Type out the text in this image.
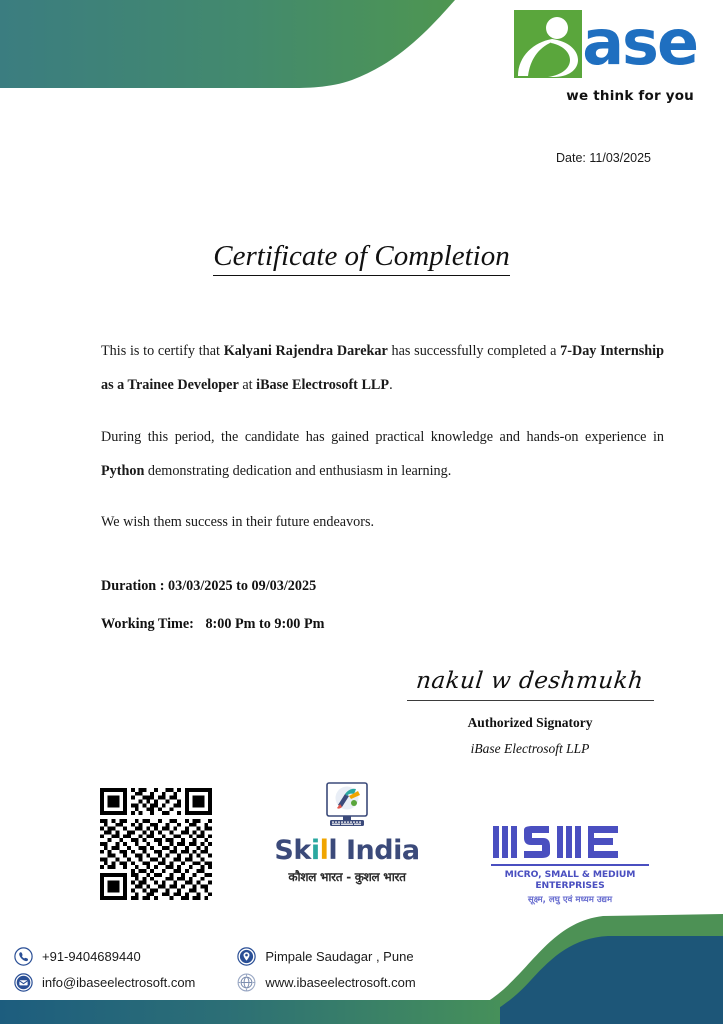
ase
we think for you
Date: 11/03/2025
Certificate of Completion

This is to certify that Kalyani Rajendra Darekar has successfully completed a 7-Day Internship as a Trainee Developer at iBase Electrosoft LLP.

During this period, the candidate has gained practical knowledge and hands-on experience in Python demonstrating dedication and enthusiasm in learning.

We wish them success in their future endeavors.

Duration : 03/03/2025 to 09/03/2025
Working Time: 8:00 Pm to 9:00 Pm
nakul w deshmukh
Authorized Signatory
iBase Electrosoft LLP
Skill India
कौशल भारत - कुशल भारत	MICRO, SMALL & MEDIUM ENTERPRISES
सूक्ष्म, लघु एवं मध्यम उद्यम
+91-9404689440	Pimpale Saudagar , Pune
info@ibaseelectrosoft.com	www.ibaseelectrosoft.com
